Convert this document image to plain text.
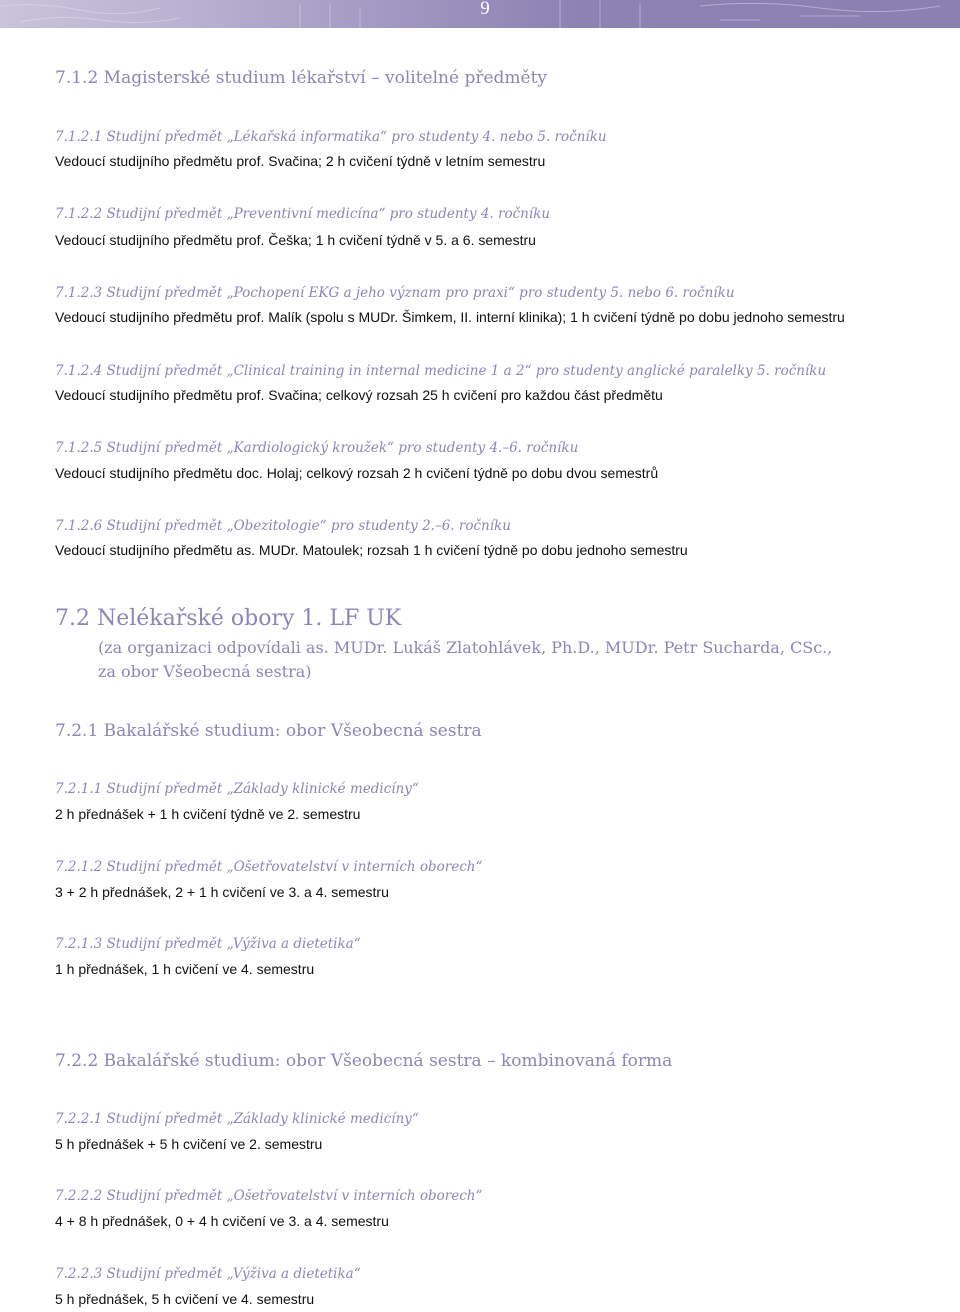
9
7.1.2 Magisterské studium lékařství – volitelné předměty
7.1.2.1 Studijní předmět „Lékařská informatika“ pro studenty 4. nebo 5. ročníku
Vedoucí studijního předmětu prof. Svačina; 2 h cvičení týdně v letním semestru
7.1.2.2 Studijní předmět „Preventivní medicína“ pro studenty 4. ročníku
Vedoucí studijního předmětu prof. Češka; 1 h cvičení týdně v 5. a 6. semestru
7.1.2.3 Studijní předmět „Pochopení EKG a jeho význam pro praxi“ pro studenty 5. nebo 6. ročníku
Vedoucí studijního předmětu prof. Malík (spolu s MUDr. Šimkem, II. interní klinika); 1 h cvičení týdně po dobu jednoho semestru
7.1.2.4 Studijní předmět „Clinical training in internal medicine 1 a 2“ pro studenty anglické paralelky 5. ročníku
Vedoucí studijního předmětu prof. Svačina; celkový rozsah 25 h cvičení pro každou část předmětu
7.1.2.5 Studijní předmět „Kardiologický kroužek“ pro studenty 4.–6. ročníku
Vedoucí studijního předmětu doc. Holaj; celkový rozsah 2 h cvičení týdně po dobu dvou semestrů
7.1.2.6 Studijní předmět „Obezitologie“ pro studenty 2.–6. ročníku
Vedoucí studijního předmětu as. MUDr. Matoulek; rozsah 1 h cvičení týdně po dobu jednoho semestru
7.2 Nelékařské obory 1. LF UK
(za organizaci odpovídali as. MUDr. Lukáš Zlatohlávek, Ph.D., MUDr. Petr Sucharda, CSc.,
za obor Všeobecná sestra)
7.2.1 Bakalářské studium: obor Všeobecná sestra
7.2.1.1 Studijní předmět „Základy klinické medicíny“
2 h přednášek + 1 h cvičení týdně ve 2. semestru
7.2.1.2 Studijní předmět „Ošetřovatelství v interních oborech“
3 + 2 h přednášek, 2 + 1 h cvičení ve 3. a 4. semestru
7.2.1.3 Studijní předmět „Výživa a dietetika“
1 h přednášek, 1 h cvičení ve 4. semestru
7.2.2 Bakalářské studium: obor Všeobecná sestra – kombinovaná forma
7.2.2.1 Studijní předmět „Základy klinické medicíny“
5 h přednášek + 5 h cvičení ve 2. semestru
7.2.2.2 Studijní předmět „Ošetřovatelství v interních oborech“
4 + 8 h přednášek, 0 + 4 h cvičení ve 3. a 4. semestru
7.2.2.3 Studijní předmět „Výživa a dietetika“
5 h přednášek, 5 h cvičení ve 4. semestru
